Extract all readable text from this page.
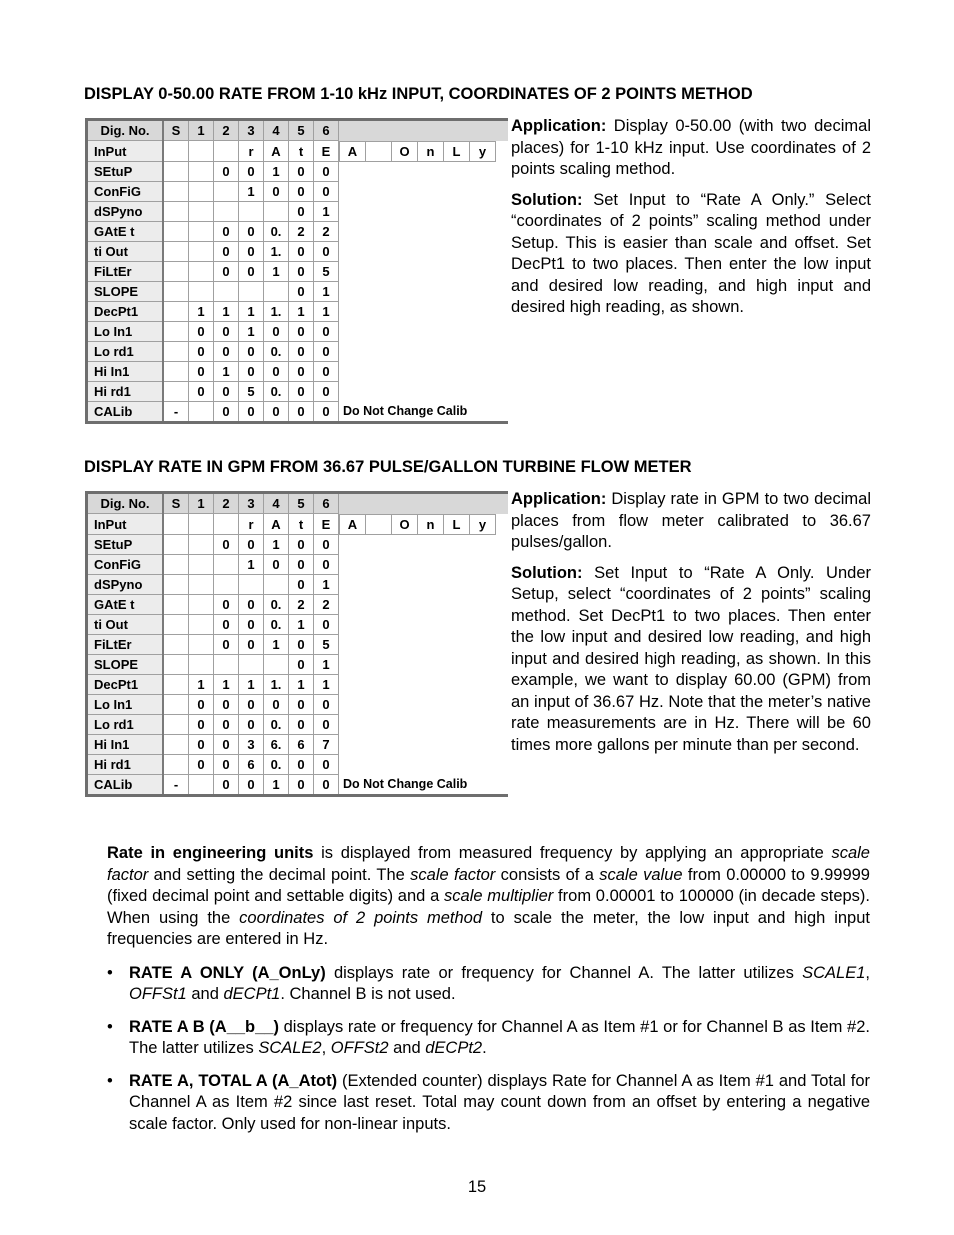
DISPLAY 0-50.00 RATE FROM 1-10 kHz INPUT, COORDINATES OF 2 POINTS METHOD
Dig. No.	S	1	2	3	4	5	6	
InPut				r	A	t	E	A		O	n	L	y

SEtuP			0	0	1	0	0	
ConFiG				1	0	0	0	
dSPyno						0	1	
GAtE t			0	0	0.	2	2	
ti Out			0	0	1.	0	0	
FiLtEr			0	0	1	0	5	
SLOPE						0	1	
DecPt1		1	1	1	1.	1	1	
Lo In1		0	0	1	0	0	0	
Lo rd1		0	0	0	0.	0	0	
Hi In1		0	1	0	0	0	0	
Hi rd1		0	0	5	0.	0	0	
CALib	-		0	0	0	0	0	Do Not Change Calib

Application: Display 0-50.00 (with two decimal places) for 1-10 kHz input. Use coordinates of 2 points scaling method.

Solution: Set Input to “Rate A Only.” Select “coordinates of 2 points” scaling method under Setup. This is easier than scale and offset. Set DecPt1 to two places. Then enter the low input and desired low reading, and high input and desired high reading, as shown.

DISPLAY RATE IN GPM FROM 36.67 PULSE/GALLON TURBINE FLOW METER
Dig. No.	S	1	2	3	4	5	6	
InPut				r	A	t	E	A		O	n	L	y

SEtuP			0	0	1	0	0	
ConFiG				1	0	0	0	
dSPyno						0	1	
GAtE t			0	0	0.	2	2	
ti Out			0	0	0.	1	0	
FiLtEr			0	0	1	0	5	
SLOPE						0	1	
DecPt1		1	1	1	1.	1	1	
Lo In1		0	0	0	0	0	0	
Lo rd1		0	0	0	0.	0	0	
Hi In1		0	0	3	6.	6	7	
Hi rd1		0	0	6	0.	0	0	
CALib	-		0	0	1	0	0	Do Not Change Calib

Application: Display rate in GPM to two decimal places from flow meter calibrated to 36.67 pulses/gallon.

Solution: Set Input to “Rate A Only. Under Setup, select “coordinates of 2 points” scaling method. Set DecPt1 to two places. Then enter the low input and desired low reading, and high input and desired high reading, as shown. In this example, we want to display 60.00 (GPM) from an input of 36.67 Hz. Note that the meter’s native rate measurements are in Hz. There will be 60 times more gallons per minute than per second.

Rate in engineering units is displayed from measured frequency by applying an appropriate scale factor and setting the decimal point. The scale factor consists of a scale value from 0.00000 to 9.99999 (fixed decimal point and settable digits) and a scale multiplier from 0.00001 to 100000 (in decade steps). When using the coordinates of 2 points method to scale the meter, the low input and high input frequencies are entered in Hz.

• RATE A ONLY (A_OnLy) displays rate or frequency for Channel A. The latter utilizes SCALE1, OFFSt1 and dECPt1. Channel B is not used.
• RATE A B (A__b__) displays rate or frequency for Channel A as Item #1 or for Channel B as Item #2. The latter utilizes SCALE2, OFFSt2 and dECPt2.
• RATE A, TOTAL A (A_Atot) (Extended counter) displays Rate for Channel A as Item #1 and Total for Channel A as Item #2 since last reset. Total may count down from an offset by entering a negative scale factor. Only used for non-linear inputs.
15
